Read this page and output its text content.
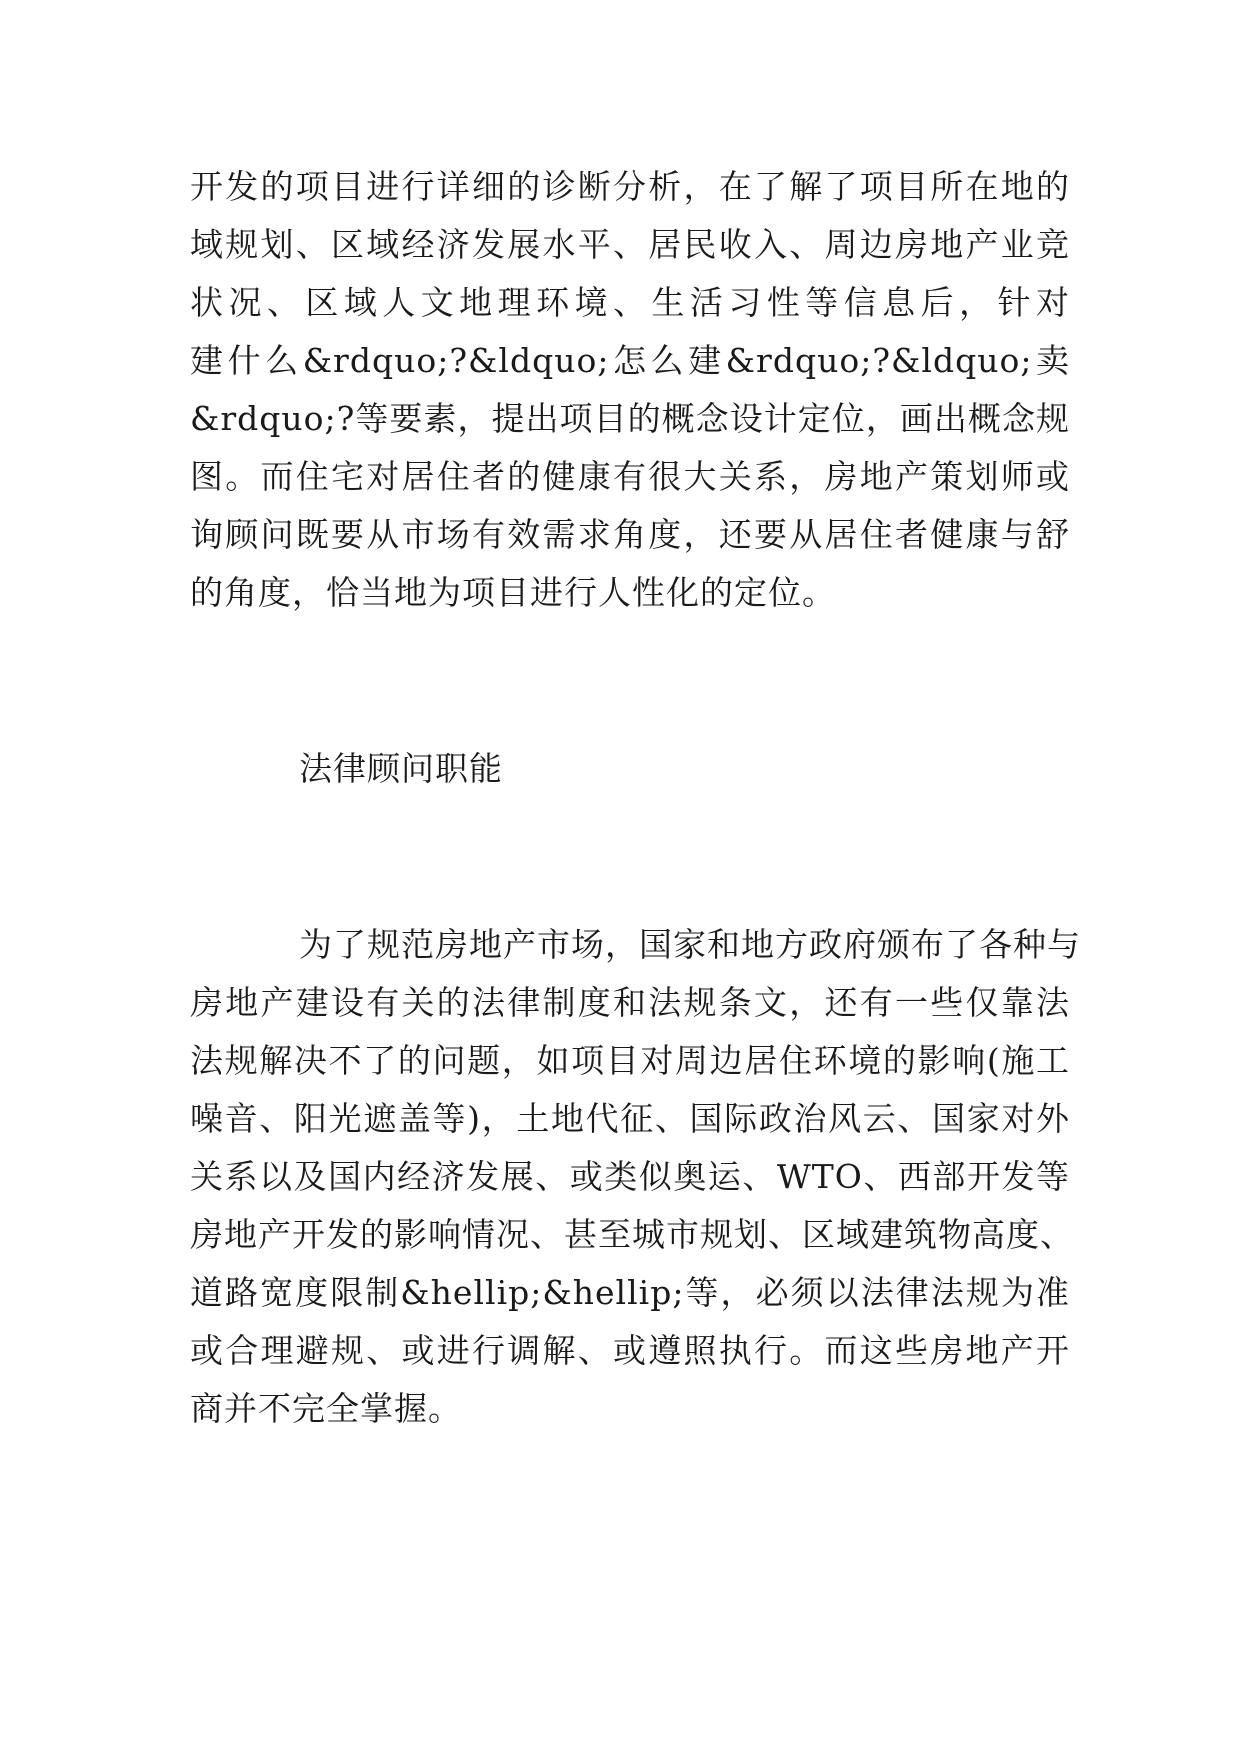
开发的项目进行详细的诊断分析，在了解了项目所在地的
域规划、区域经济发展水平、居民收入、周边房地产业竞
状况、区域人文地理环境、生活习性等信息后，针对
建什么&rdquo;?&ldquo;怎么建&rdquo;?&ldquo;卖
&rdquo;?等要素，提出项目的概念设计定位，画出概念规
图。而住宅对居住者的健康有很大关系，房地产策划师或
询顾问既要从市场有效需求角度，还要从居住者健康与舒
的角度，恰当地为项目进行人性化的定位。
法律顾问职能
为了规范房地产市场，国家和地方政府颁布了各种与
房地产建设有关的法律制度和法规条文，还有一些仅靠法
法规解决不了的问题，如项目对周边居住环境的影响(施工
噪音、阳光遮盖等)，土地代征、国际政治风云、国家对外
关系以及国内经济发展、或类似奥运、WTO、西部开发等
房地产开发的影响情况、甚至城市规划、区域建筑物高度、
道路宽度限制&hellip;&hellip;等，必须以法律法规为准
或合理避规、或进行调解、或遵照执行。而这些房地产开
商并不完全掌握。
